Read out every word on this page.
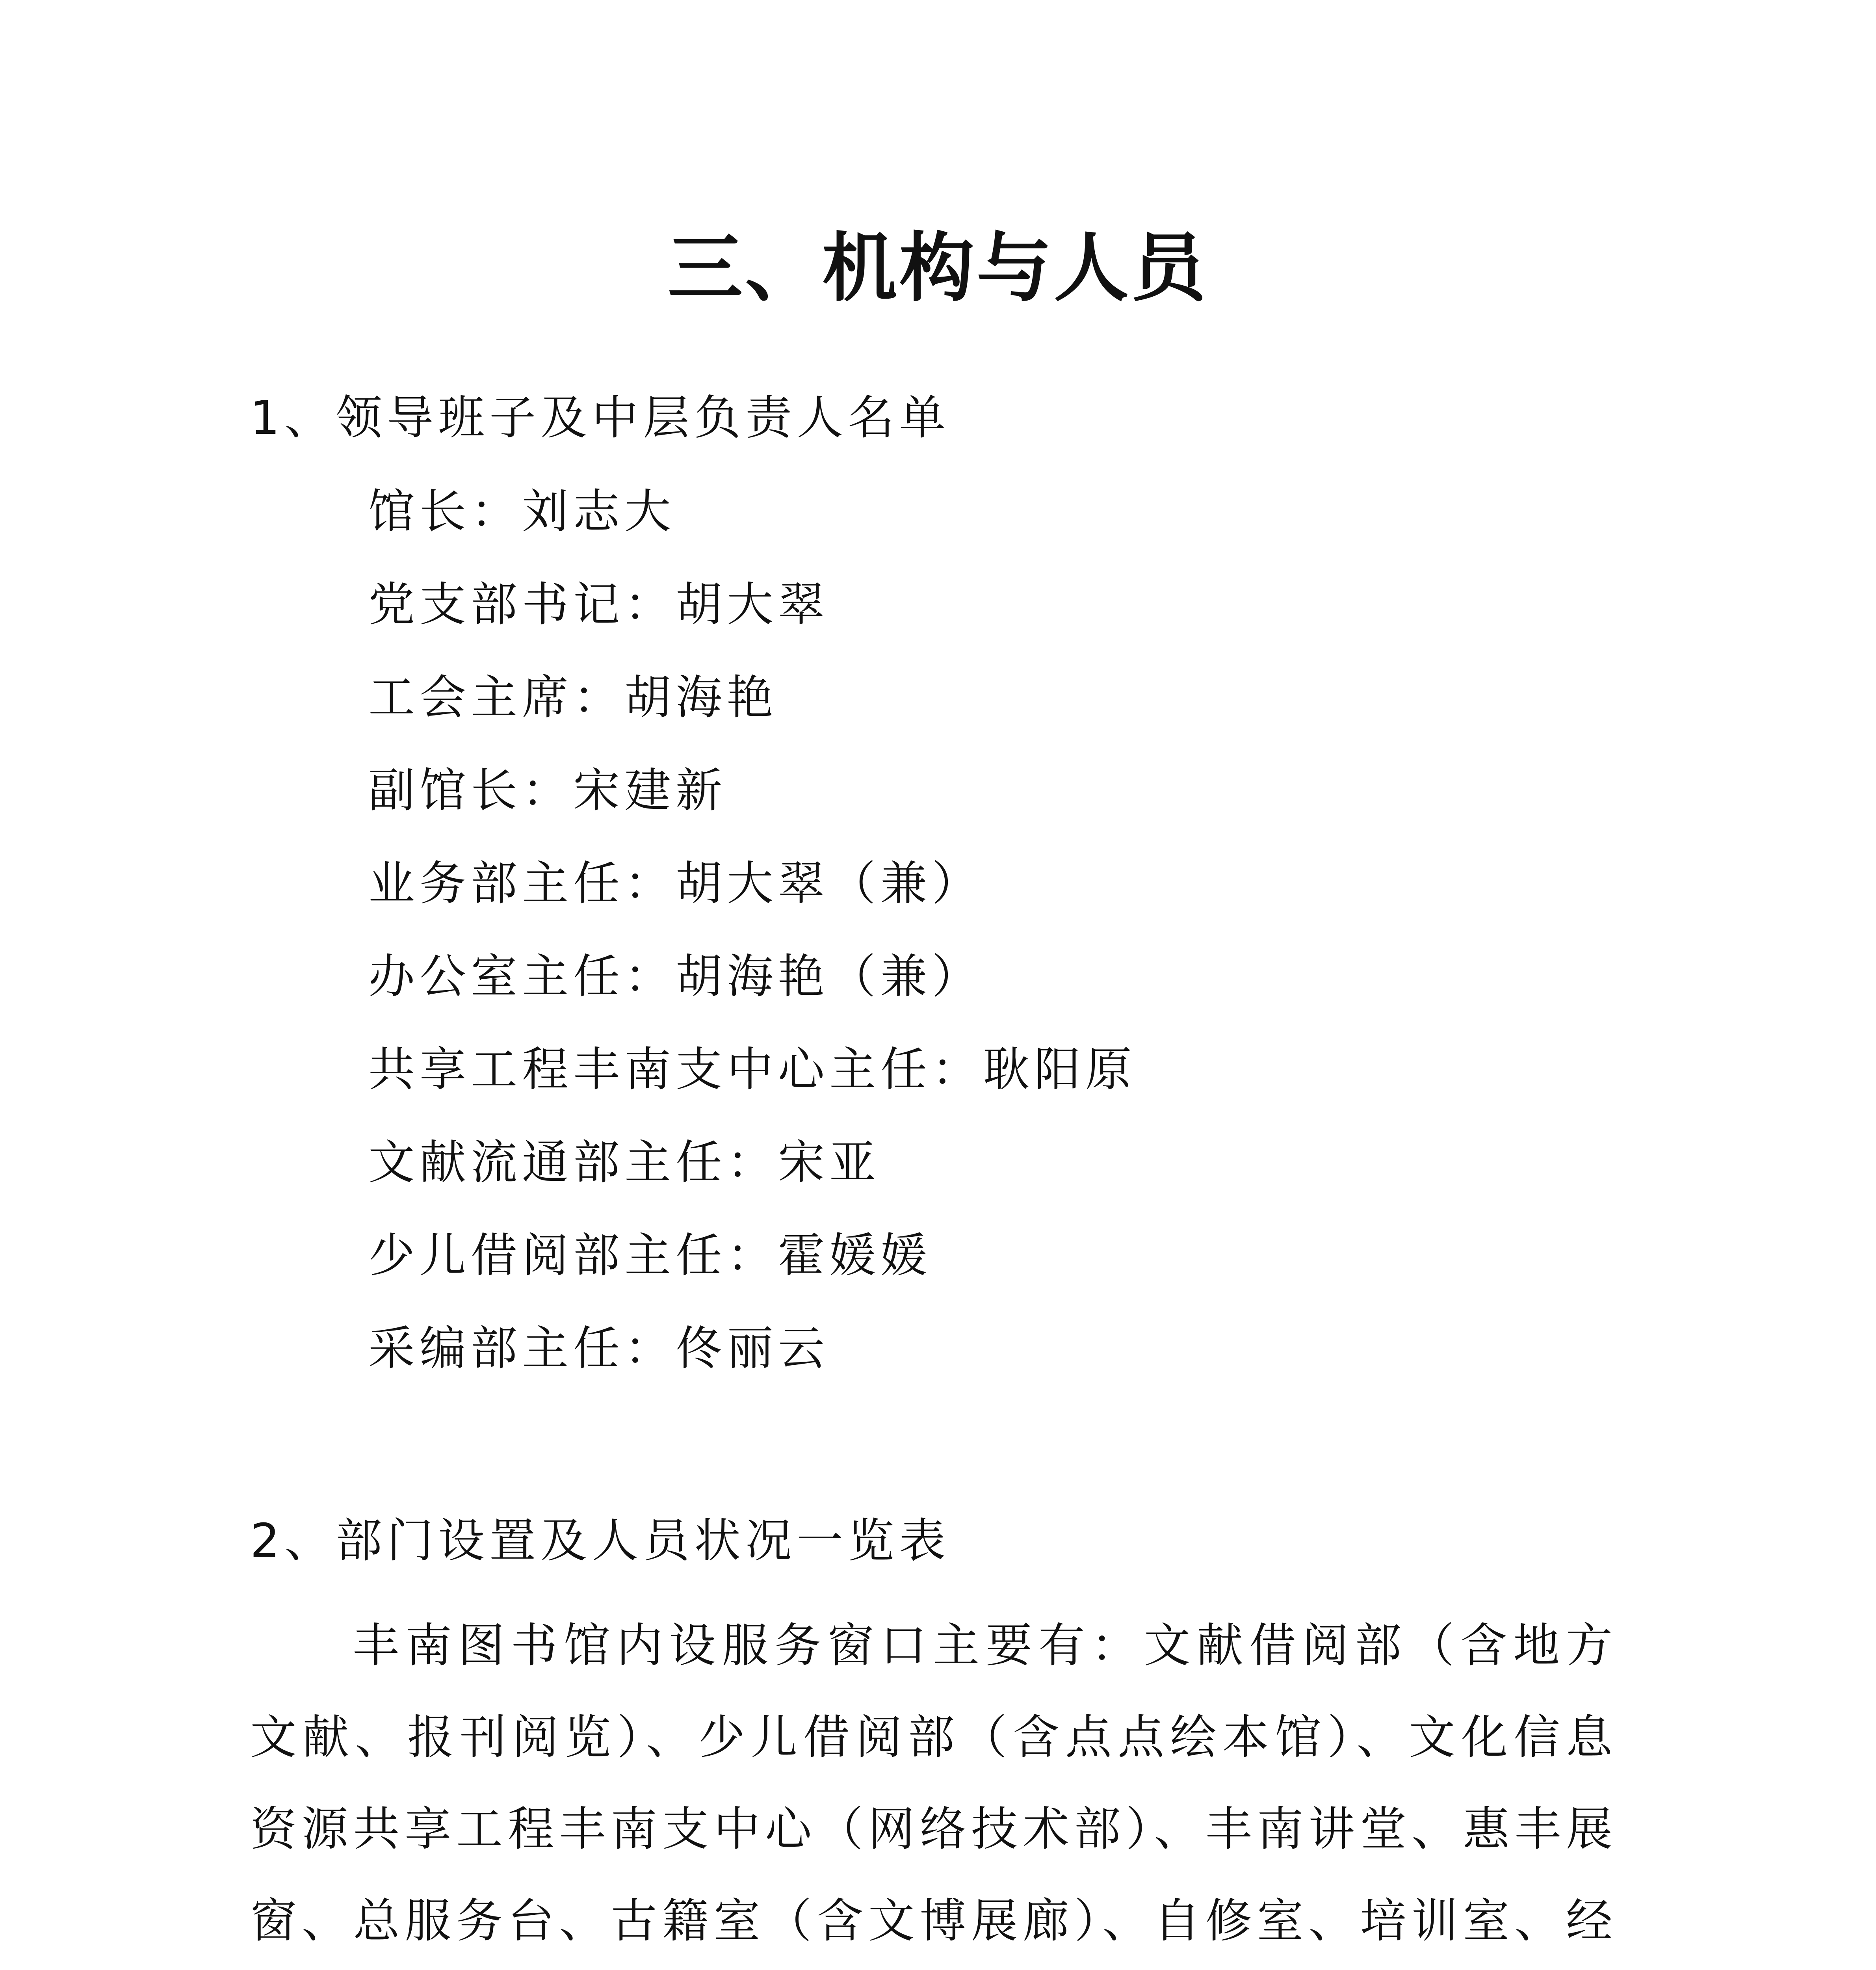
三、机构与人员

1、领导班子及中层负责人名单

馆长：刘志大
党支部书记：胡大翠
工会主席：胡海艳
副馆长：宋建新
业务部主任：胡大翠（兼）
办公室主任：胡海艳（兼）
共享工程丰南支中心主任：耿阳原
文献流通部主任：宋亚
少儿借阅部主任：霍媛媛
采编部主任：佟丽云

2、部门设置及人员状况一览表

丰南图书馆内设服务窗口主要有：文献借阅部（含地方文献、报刊阅览）、少儿借阅部（含点点绘本馆）、文化信息资源共享工程丰南支中心（网络技术部）、丰南讲堂、惠丰展窗、总服务台、古籍室（含文博展廊）、自修室、培训室、经
